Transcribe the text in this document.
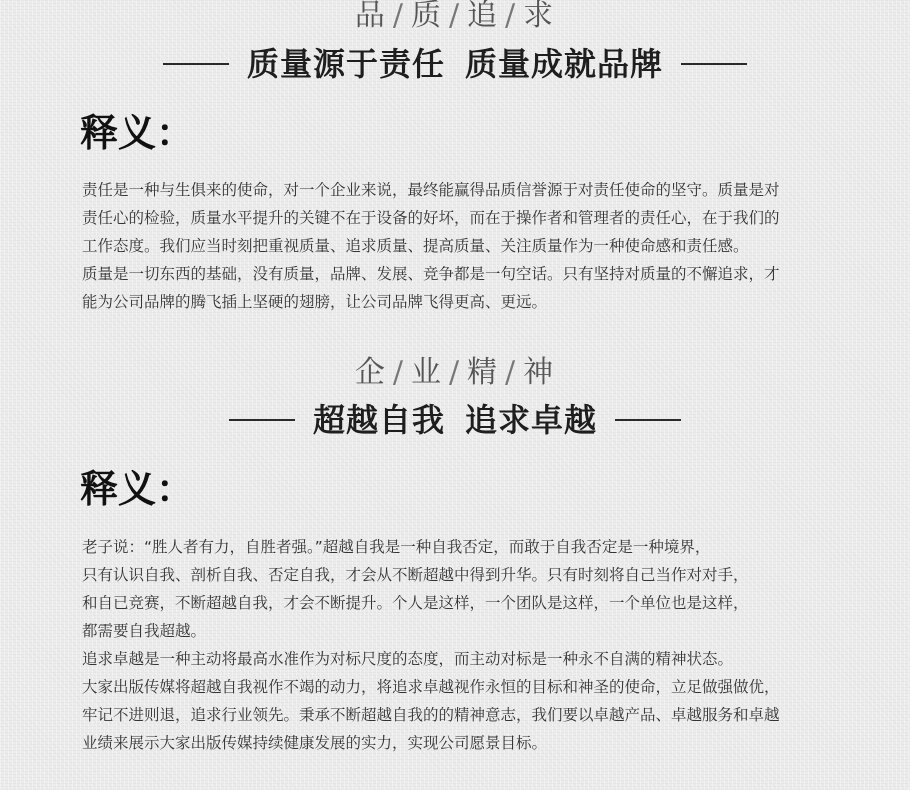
品 / 质 / 追 / 求
质量源于责任 质量成就品牌
释义：
责任是一种与生俱来的使命，对一个企业来说，最终能赢得品质信誉源于对责任使命的坚守。质量是对
责任心的检验，质量水平提升的关键不在于设备的好坏，而在于操作者和管理者的责任心，在于我们的
工作态度。我们应当时刻把重视质量、追求质量、提高质量、关注质量作为一种使命感和责任感。
质量是一切东西的基础，没有质量，品牌、发展、竞争都是一句空话。只有坚持对质量的不懈追求，才
能为公司品牌的腾飞插上坚硬的翅膀，让公司品牌飞得更高、更远。
企 / 业 / 精 / 神
超越自我 追求卓越
释义：
老子说：“胜人者有力，自胜者强。”超越自我是一种自我否定，而敢于自我否定是一种境界，
只有认识自我、剖析自我、否定自我，才会从不断超越中得到升华。只有时刻将自己当作对对手，
和自已竞赛，不断超越自我，才会不断提升。个人是这样，一个团队是这样，一个单位也是这样，
都需要自我超越。
追求卓越是一种主动将最高水准作为对标尺度的态度，而主动对标是一种永不自满的精神状态。
大家出版传媒将超越自我视作不竭的动力，将追求卓越视作永恒的目标和神圣的使命，立足做强做优，
牢记不进则退，追求行业领先。秉承不断超越自我的的精神意志，我们要以卓越产品、卓越服务和卓越
业绩来展示大家出版传媒持续健康发展的实力，实现公司愿景目标。
